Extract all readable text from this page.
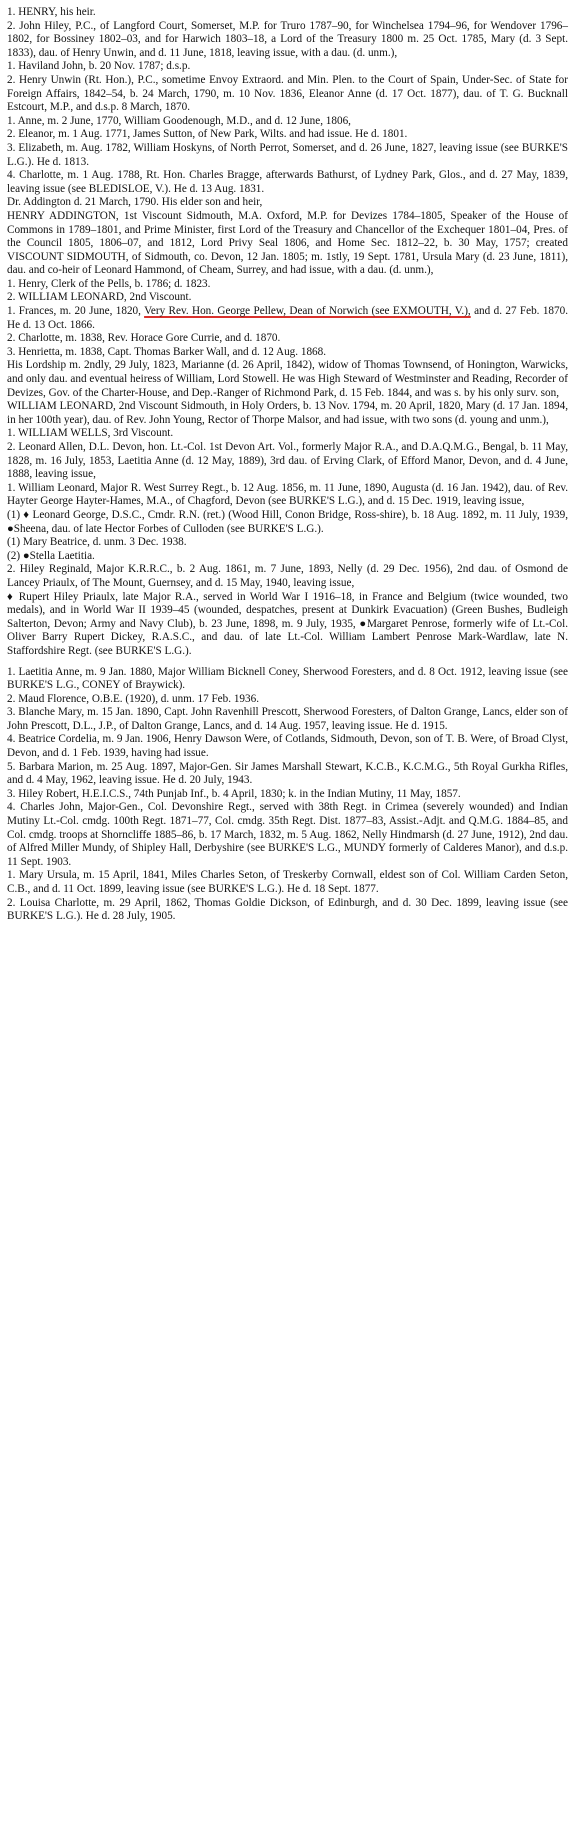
1. HENRY, his heir.

2. John Hiley, P.C., of Langford Court, Somerset, M.P. for Truro 1787–90, for Winchelsea 1794–96, for Wendover 1796–1802, for Bossiney 1802–03, and for Harwich 1803–18, a Lord of the Treasury 1800 m. 25 Oct. 1785, Mary (d. 3 Sept. 1833), dau. of Henry Unwin, and d. 11 June, 1818, leaving issue, with a dau. (d. unm.),

1. Haviland John, b. 20 Nov. 1787; d.s.p.

2. Henry Unwin (Rt. Hon.), P.C., sometime Envoy Extraord. and Min. Plen. to the Court of Spain, Under-Sec. of State for Foreign Affairs, 1842–54, b. 24 March, 1790, m. 10 Nov. 1836, Eleanor Anne (d. 17 Oct. 1877), dau. of T. G. Bucknall Estcourt, M.P., and d.s.p. 8 March, 1870.

1. Anne, m. 2 June, 1770, William Goodenough, M.D., and d. 12 June, 1806,

2. Eleanor, m. 1 Aug. 1771, James Sutton, of New Park, Wilts. and had issue. He d. 1801.

3. Elizabeth, m. Aug. 1782, William Hoskyns, of North Perrot, Somerset, and d. 26 June, 1827, leaving issue (see BURKE'S L.G.). He d. 1813.

4. Charlotte, m. 1 Aug. 1788, Rt. Hon. Charles Bragge, afterwards Bathurst, of Lydney Park, Glos., and d. 27 May, 1839, leaving issue (see BLEDISLOE, V.). He d. 13 Aug. 1831.

Dr. Addington d. 21 March, 1790. His elder son and heir,

HENRY ADDINGTON, 1st Viscount Sidmouth, M.A. Oxford, M.P. for Devizes 1784–1805, Speaker of the House of Commons in 1789–1801, and Prime Minister, first Lord of the Treasury and Chancellor of the Exchequer 1801–04, Pres. of the Council 1805, 1806–07, and 1812, Lord Privy Seal 1806, and Home Sec. 1812–22, b. 30 May, 1757; created VISCOUNT SIDMOUTH, of Sidmouth, co. Devon, 12 Jan. 1805; m. 1stly, 19 Sept. 1781, Ursula Mary (d. 23 June, 1811), dau. and co-heir of Leonard Hammond, of Cheam, Surrey, and had issue, with a dau. (d. unm.),

1. Henry, Clerk of the Pells, b. 1786; d. 1823.

2. WILLIAM LEONARD, 2nd Viscount.

1. Frances, m. 20 June, 1820, Very Rev. Hon. George Pellew, Dean of Norwich (see EXMOUTH, V.), and d. 27 Feb. 1870. He d. 13 Oct. 1866.

2. Charlotte, m. 1838, Rev. Horace Gore Currie, and d. 1870.

3. Henrietta, m. 1838, Capt. Thomas Barker Wall, and d. 12 Aug. 1868.

His Lordship m. 2ndly, 29 July, 1823, Marianne (d. 26 April, 1842), widow of Thomas Townsend, of Honington, Warwicks, and only dau. and eventual heiress of William, Lord Stowell. He was High Steward of Westminster and Reading, Recorder of Devizes, Gov. of the Charter-House, and Dep.-Ranger of Richmond Park, d. 15 Feb. 1844, and was s. by his only surv. son,

WILLIAM LEONARD, 2nd Viscount Sidmouth, in Holy Orders, b. 13 Nov. 1794, m. 20 April, 1820, Mary (d. 17 Jan. 1894, in her 100th year), dau. of Rev. John Young, Rector of Thorpe Malsor, and had issue, with two sons (d. young and unm.),

1. WILLIAM WELLS, 3rd Viscount.

2. Leonard Allen, D.L. Devon, hon. Lt.-Col. 1st Devon Art. Vol., formerly Major R.A., and D.A.Q.M.G., Bengal, b. 11 May, 1828, m. 16 July, 1853, Laetitia Anne (d. 12 May, 1889), 3rd dau. of Erving Clark, of Efford Manor, Devon, and d. 4 June, 1888, leaving issue,

1. William Leonard, Major R. West Surrey Regt., b. 12 Aug. 1856, m. 11 June, 1890, Augusta (d. 16 Jan. 1942), dau. of Rev. Hayter George Hayter-Hames, M.A., of Chagford, Devon (see BURKE'S L.G.), and d. 15 Dec. 1919, leaving issue,

(1) ♦ Leonard George, D.S.C., Cmdr. R.N. (ret.) (Wood Hill, Conon Bridge, Ross-shire), b. 18 Aug. 1892, m. 11 July, 1939, ●Sheena, dau. of late Hector Forbes of Culloden (see BURKE'S L.G.).

(1) Mary Beatrice, d. unm. 3 Dec. 1938.

(2) ●Stella Laetitia.

2. Hiley Reginald, Major K.R.R.C., b. 2 Aug. 1861, m. 7 June, 1893, Nelly (d. 29 Dec. 1956), 2nd dau. of Osmond de Lancey Priaulx, of The Mount, Guernsey, and d. 15 May, 1940, leaving issue,

♦ Rupert Hiley Priaulx, late Major R.A., served in World War I 1916–18, in France and Belgium (twice wounded, two medals), and in World War II 1939–45 (wounded, despatches, present at Dunkirk Evacuation) (Green Bushes, Budleigh Salterton, Devon; Army and Navy Club), b. 23 June, 1898, m. 9 July, 1935, ●Margaret Penrose, formerly wife of Lt.-Col. Oliver Barry Rupert Dickey, R.A.S.C., and dau. of late Lt.-Col. William Lambert Penrose Mark-Wardlaw, late N. Staffordshire Regt. (see BURKE'S L.G.).

1. Laetitia Anne, m. 9 Jan. 1880, Major William Bicknell Coney, Sherwood Foresters, and d. 8 Oct. 1912, leaving issue (see BURKE'S L.G., CONEY of Braywick).

2. Maud Florence, O.B.E. (1920), d. unm. 17 Feb. 1936.

3. Blanche Mary, m. 15 Jan. 1890, Capt. John Ravenhill Prescott, Sherwood Foresters, of Dalton Grange, Lancs, elder son of John Prescott, D.L., J.P., of Dalton Grange, Lancs, and d. 14 Aug. 1957, leaving issue. He d. 1915.

4. Beatrice Cordelia, m. 9 Jan. 1906, Henry Dawson Were, of Cotlands, Sidmouth, Devon, son of T. B. Were, of Broad Clyst, Devon, and d. 1 Feb. 1939, having had issue.

5. Barbara Marion, m. 25 Aug. 1897, Major-Gen. Sir James Marshall Stewart, K.C.B., K.C.M.G., 5th Royal Gurkha Rifles, and d. 4 May, 1962, leaving issue. He d. 20 July, 1943.

3. Hiley Robert, H.E.I.C.S., 74th Punjab Inf., b. 4 April, 1830; k. in the Indian Mutiny, 11 May, 1857.

4. Charles John, Major-Gen., Col. Devonshire Regt., served with 38th Regt. in Crimea (severely wounded) and Indian Mutiny Lt.-Col. cmdg. 100th Regt. 1871–77, Col. cmdg. 35th Regt. Dist. 1877–83, Assist.-Adjt. and Q.M.G. 1884–85, and Col. cmdg. troops at Shorncliffe 1885–86, b. 17 March, 1832, m. 5 Aug. 1862, Nelly Hindmarsh (d. 27 June, 1912), 2nd dau. of Alfred Miller Mundy, of Shipley Hall, Derbyshire (see BURKE'S L.G., MUNDY formerly of Calderes Manor), and d.s.p. 11 Sept. 1903.

1. Mary Ursula, m. 15 April, 1841, Miles Charles Seton, of Treskerby Cornwall, eldest son of Col. William Carden Seton, C.B., and d. 11 Oct. 1899, leaving issue (see BURKE'S L.G.). He d. 18 Sept. 1877.

2. Louisa Charlotte, m. 29 April, 1862, Thomas Goldie Dickson, of Edinburgh, and d. 30 Dec. 1899, leaving issue (see BURKE'S L.G.). He d. 28 July, 1905.
